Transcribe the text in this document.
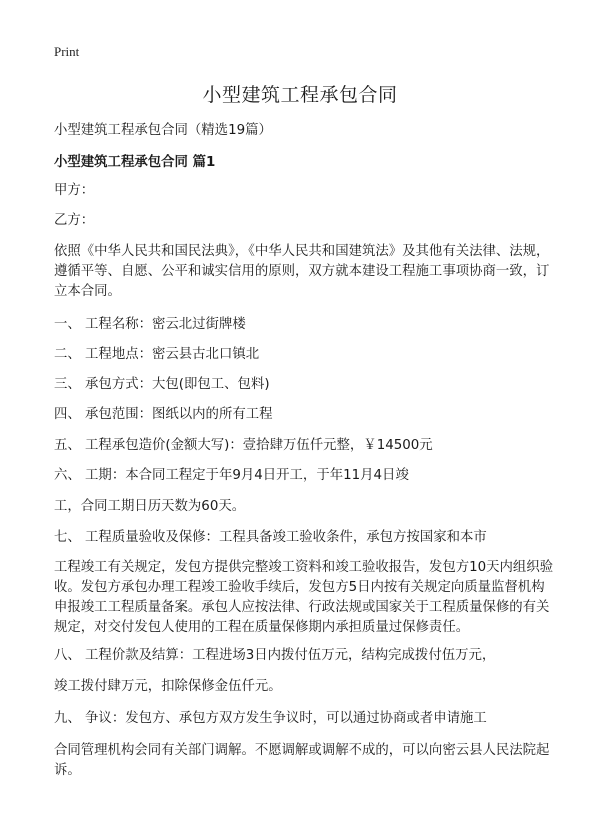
Print
小型建筑工程承包合同

小型建筑工程承包合同（精选19篇）

小型建筑工程承包合同 篇1

甲方：

乙方：

依照《中华人民共和国民法典》，《中华人民共和国建筑法》及其他有关法律、法规，遵循平等、自愿、公平和诚实信用的原则，双方就本建设工程施工事项协商一致，订立本合同。

一、 工程名称：密云北过街牌楼

二、 工程地点：密云县古北口镇北

三、 承包方式：大包(即包工、包料)

四、 承包范围：图纸以内的所有工程

五、 工程承包造价(金额大写)：壹拾肆万伍仟元整，￥14500元

六、 工期：本合同工程定于年9月4日开工，于年11月4日竣

工，合同工期日历天数为60天。

七、 工程质量验收及保修：工程具备竣工验收条件，承包方按国家和本市

工程竣工有关规定，发包方提供完整竣工资料和竣工验收报告，发包方10天内组织验收。发包方承包办理工程竣工验收手续后，发包方5日内按有关规定向质量监督机构申报竣工工程质量备案。承包人应按法律、行政法规或国家关于工程质量保修的有关规定，对交付发包人使用的工程在质量保修期内承担质量过保修责任。

八、 工程价款及结算：工程进场3日内拨付伍万元，结构完成拨付伍万元，

竣工拨付肆万元，扣除保修金伍仟元。

九、 争议：发包方、承包方双方发生争议时，可以通过协商或者申请施工

合同管理机构会同有关部门调解。不愿调解或调解不成的，可以向密云县人民法院起诉。
